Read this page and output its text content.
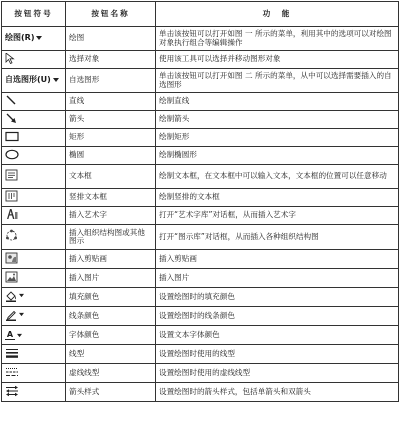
按钮符号	按钮名称	功　能

绘图(R)	绘图	单击该按钮可以打开如图 一 所示的菜单，利用其中的选项可以对绘图对象执行组合等编辑操作

	选择对象	使用该工具可以选择并移动图形对象

自选图形(U)	自选图形	单击该按钮可以打开如图 二 所示的菜单，从中可以选择需要插入的自选图形

	直线	绘制直线

	箭头	绘制箭头

	矩形	绘制矩形

	椭圆	绘制椭圆形

	文本框	绘制文本框，在文本框中可以输入文本，文本框的位置可以任意移动

	竖排文本框	绘制竖排的文本框

	插入艺术字	打开“艺术字库”对话框，从而插入艺术字

	插入组织结构图或其他图示	打开“图示库”对话框，从而插入各种组织结构图

	插入剪贴画	插入剪贴画

	插入图片	插入图片

	填充颜色	设置绘图时的填充颜色

	线条颜色	设置绘图时的线条颜色

A	字体颜色	设置文本字体颜色

	线型	设置绘图时使用的线型

	虚线线型	设置绘图时使用的虚线线型

	箭头样式	设置绘图时的箭头样式，包括单箭头和双箭头
